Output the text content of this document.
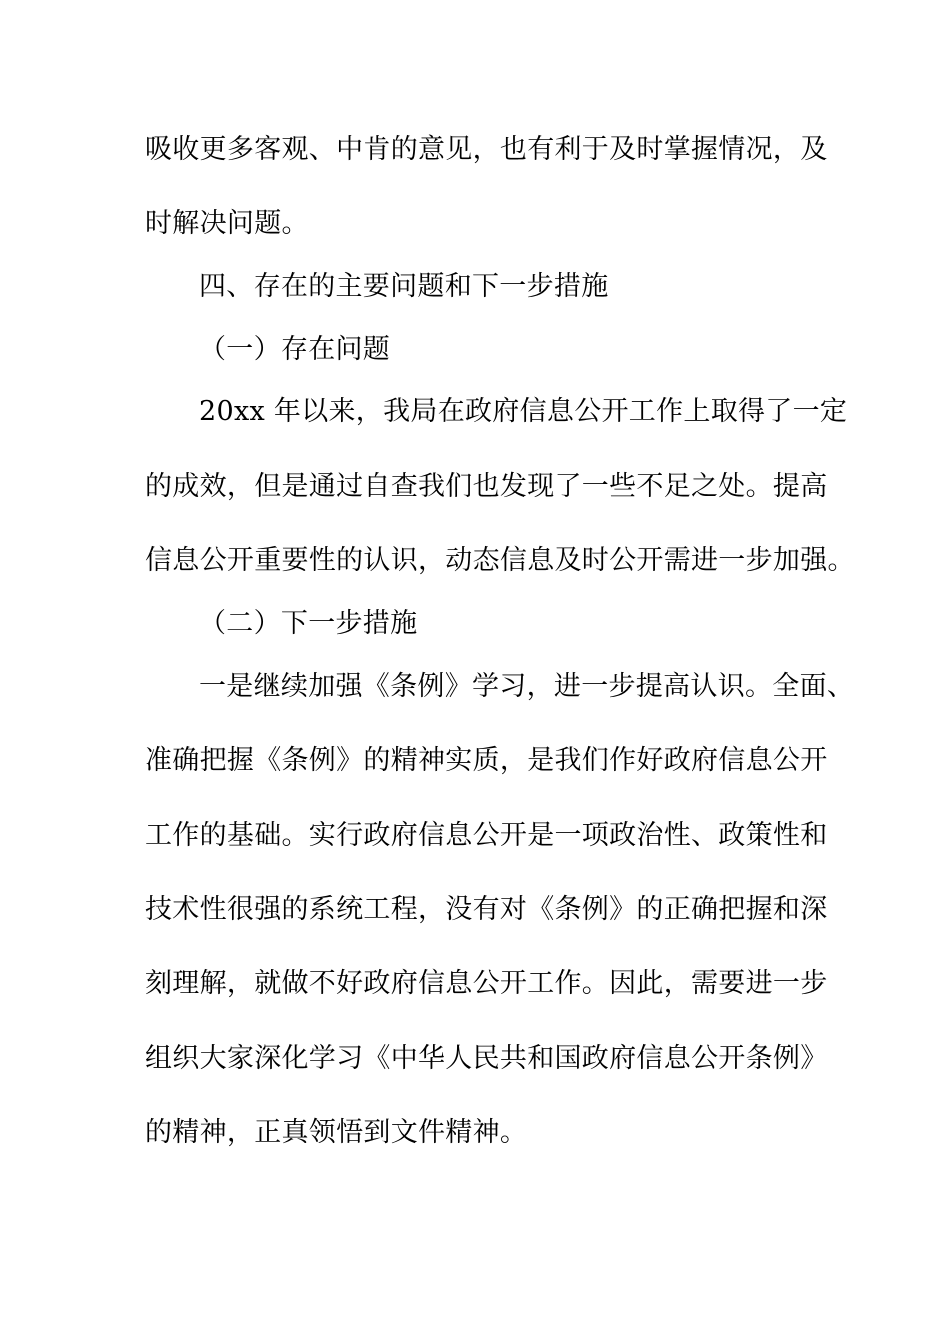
吸收更多客观、中肯的意见，也有利于及时掌握情况，及
时解决问题。
四、存在的主要问题和下一步措施
（一）存在问题
20xx 年以来，我局在政府信息公开工作上取得了一定
的成效，但是通过自查我们也发现了一些不足之处。提高
信息公开重要性的认识，动态信息及时公开需进一步加强。
（二）下一步措施
一是继续加强《条例》学习，进一步提高认识。全面、
准确把握《条例》的精神实质，是我们作好政府信息公开
工作的基础。实行政府信息公开是一项政治性、政策性和
技术性很强的系统工程，没有对《条例》的正确把握和深
刻理解，就做不好政府信息公开工作。因此，需要进一步
组织大家深化学习《中华人民共和国政府信息公开条例》
的精神，正真领悟到文件精神。
